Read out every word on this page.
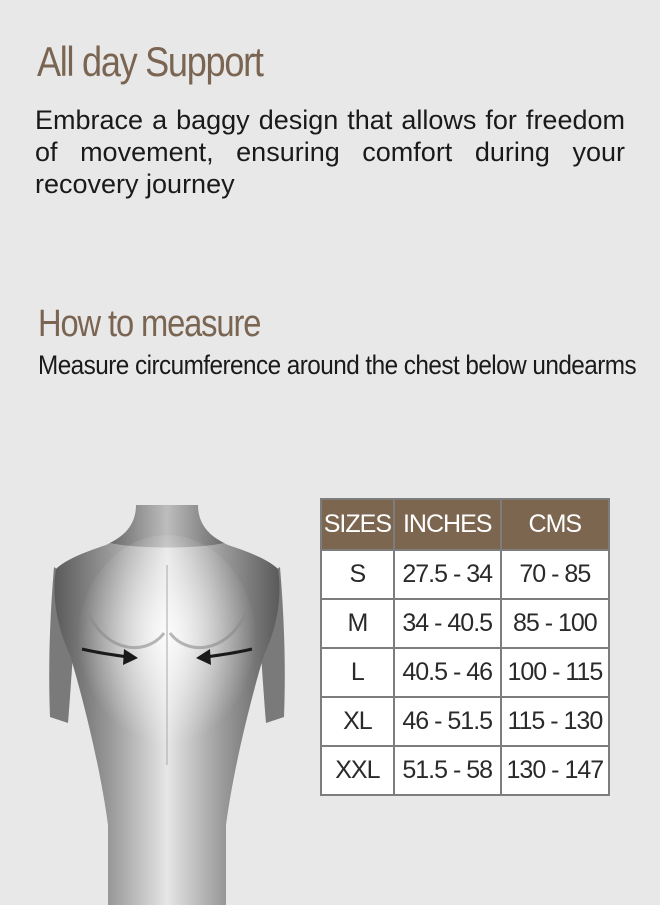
All day Support
Embrace a baggy design that allows for freedom of movement, ensuring comfort during your recovery journey
How to measure
Measure circumference around the chest below undearms
SIZES	INCHES	CMS
S	27.5 - 34	70 - 85
M	34 - 40.5	85 - 100
L	40.5 - 46	100 - 115
XL	46 - 51.5	115 - 130
XXL	51.5 - 58	130 - 147
